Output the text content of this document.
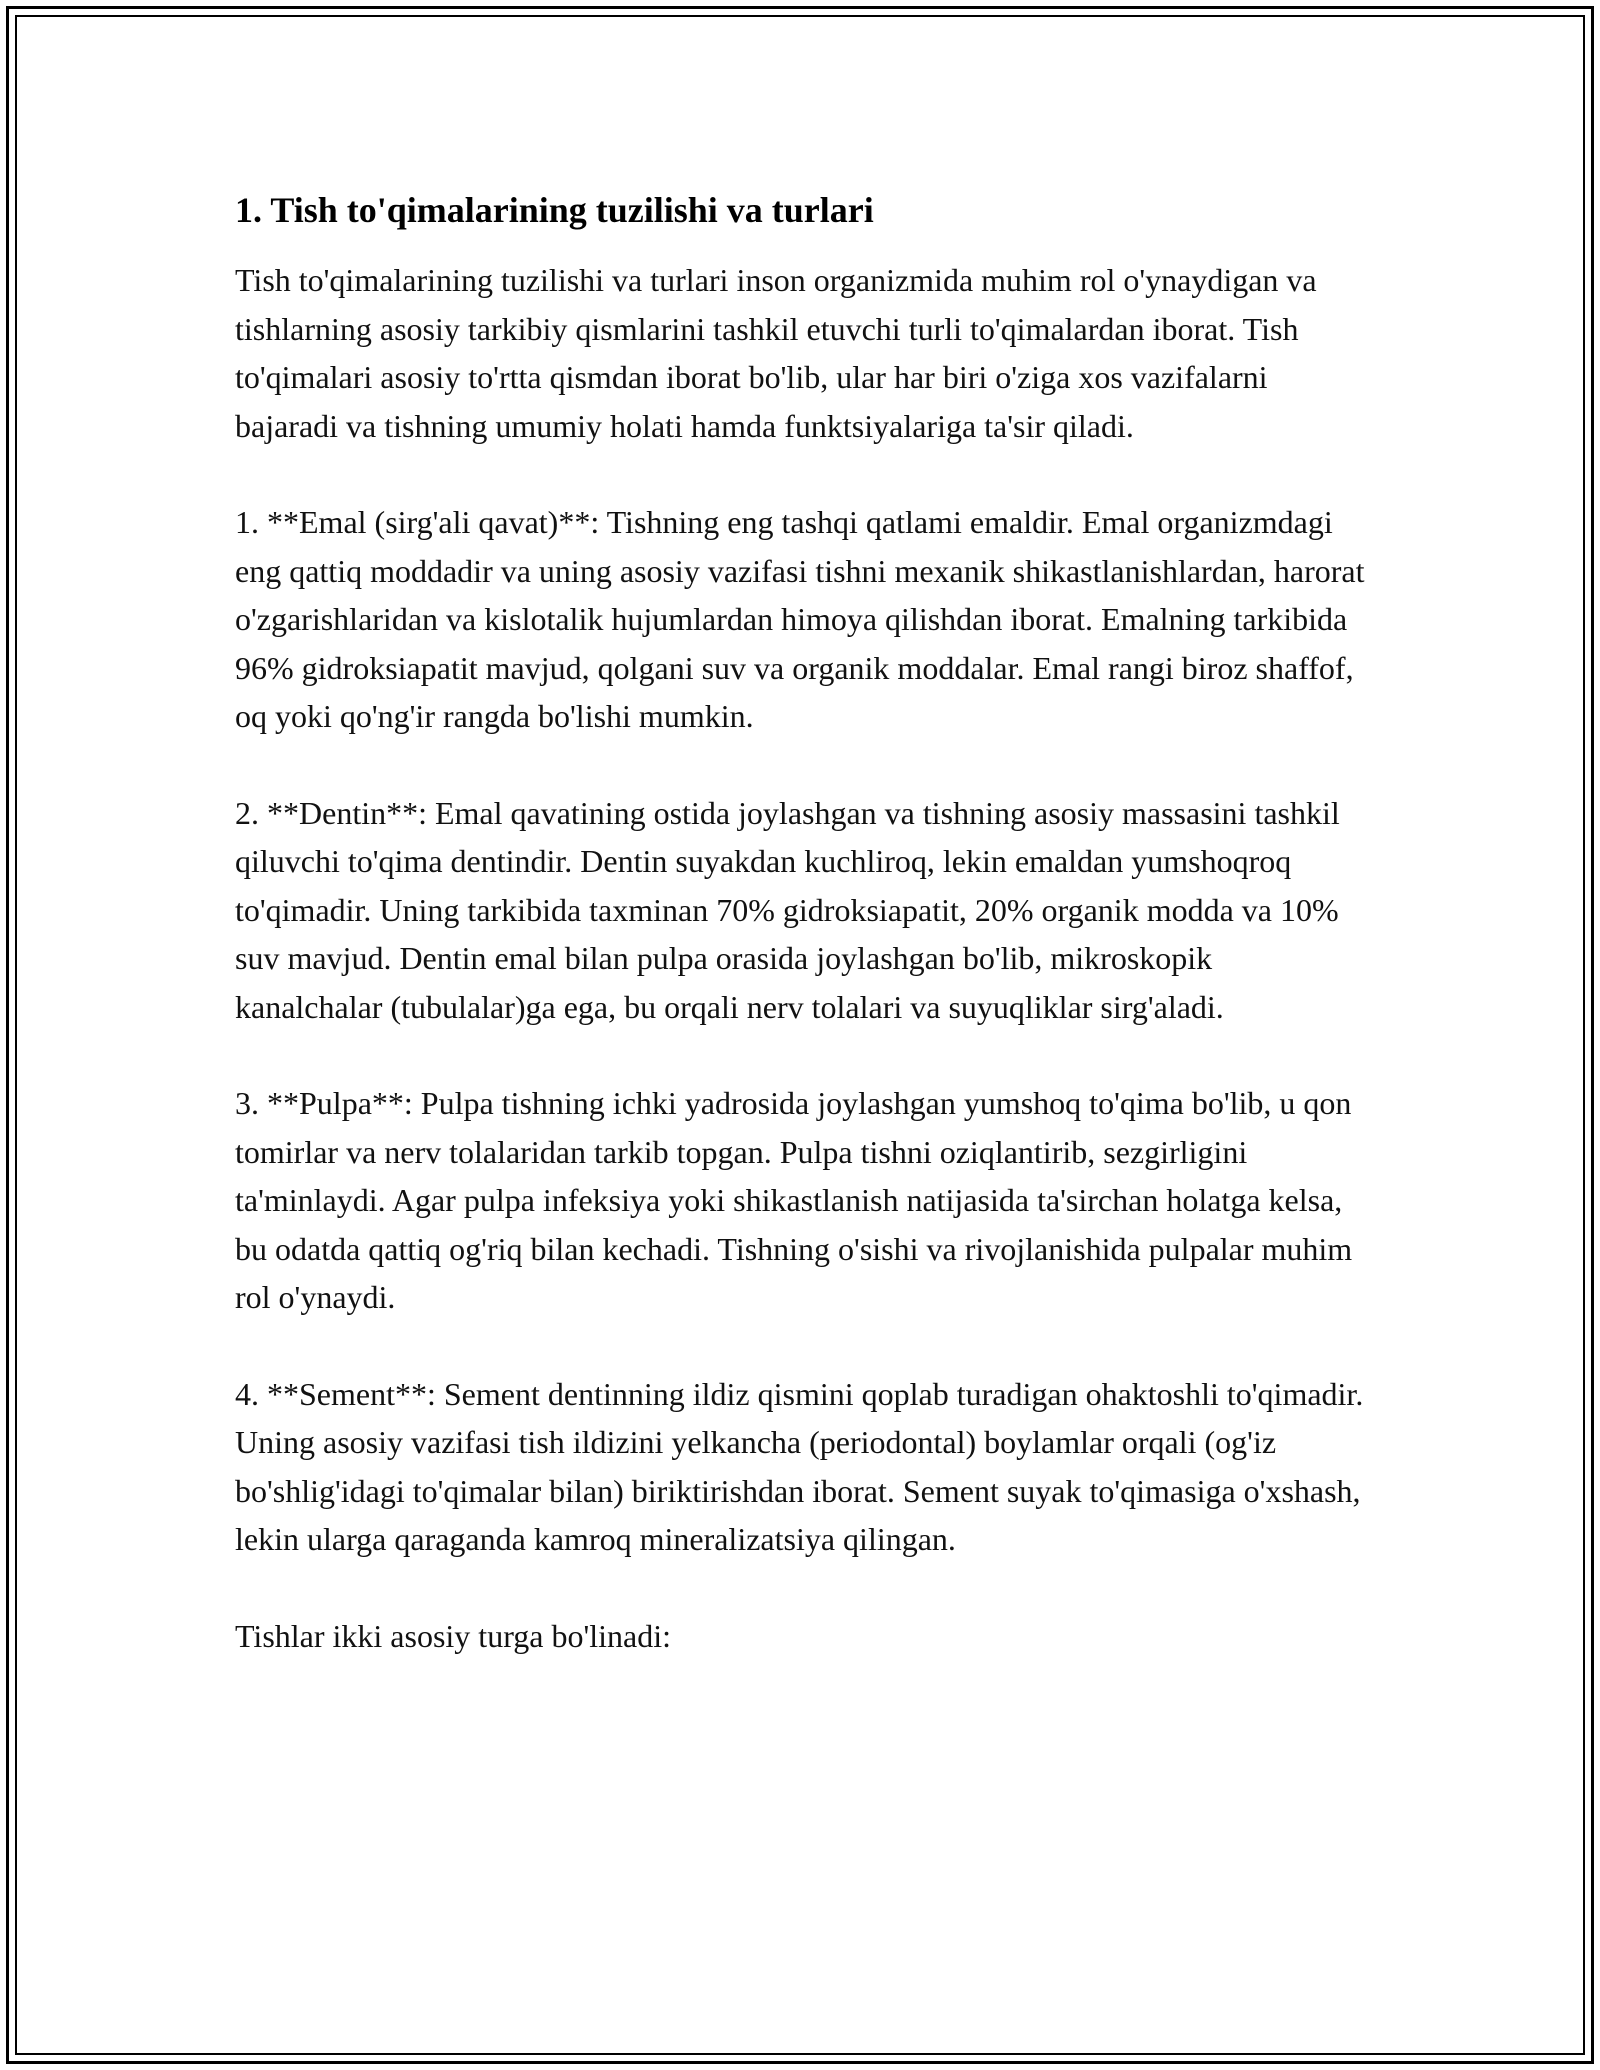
1. Tish to'qimalarining tuzilishi va turlari

Tish to'qimalarining tuzilishi va turlari inson organizmida muhim rol o'ynaydigan va tishlarning asosiy tarkibiy qismlarini tashkil etuvchi turli to'qimalardan iborat. Tish to'qimalari asosiy to'rtta qismdan iborat bo'lib, ular har biri o'ziga xos vazifalarni bajaradi va tishning umumiy holati hamda funktsiyalariga ta'sir qiladi.

1. **Emal (sirg'ali qavat)**: Tishning eng tashqi qatlami emaldir. Emal organizmdagi eng qattiq moddadir va uning asosiy vazifasi tishni mexanik shikastlanishlardan, harorat o'zgarishlaridan va kislotalik hujumlardan himoya qilishdan iborat. Emalning tarkibida 96% gidroksiapatit mavjud, qolgani suv va organik moddalar. Emal rangi biroz shaffof, oq yoki qo'ng'ir rangda bo'lishi mumkin.

2. **Dentin**: Emal qavatining ostida joylashgan va tishning asosiy massasini tashkil qiluvchi to'qima dentindir. Dentin suyakdan kuchliroq, lekin emaldan yumshoqroq to'qimadir. Uning tarkibida taxminan 70% gidroksiapatit, 20% organik modda va 10% suv mavjud. Dentin emal bilan pulpa orasida joylashgan bo'lib, mikroskopik kanalchalar (tubulalar)ga ega, bu orqali nerv tolalari va suyuqliklar sirg'aladi.

3. **Pulpa**: Pulpa tishning ichki yadrosida joylashgan yumshoq to'qima bo'lib, u qon tomirlar va nerv tolalaridan tarkib topgan. Pulpa tishni oziqlantirib, sezgirligini ta'minlaydi. Agar pulpa infeksiya yoki shikastlanish natijasida ta'sirchan holatga kelsa, bu odatda qattiq og'riq bilan kechadi. Tishning o'sishi va rivojlanishida pulpalar muhim rol o'ynaydi.

4. **Sement**: Sement dentinning ildiz qismini qoplab turadigan ohaktoshli to'qimadir. Uning asosiy vazifasi tish ildizini yelkancha (periodontal) boylamlar orqali (og'iz bo'shlig'idagi to'qimalar bilan) biriktirishdan iborat. Sement suyak to'qimasiga o'xshash, lekin ularga qaraganda kamroq mineralizatsiya qilingan.

Tishlar ikki asosiy turga bo'linadi:
